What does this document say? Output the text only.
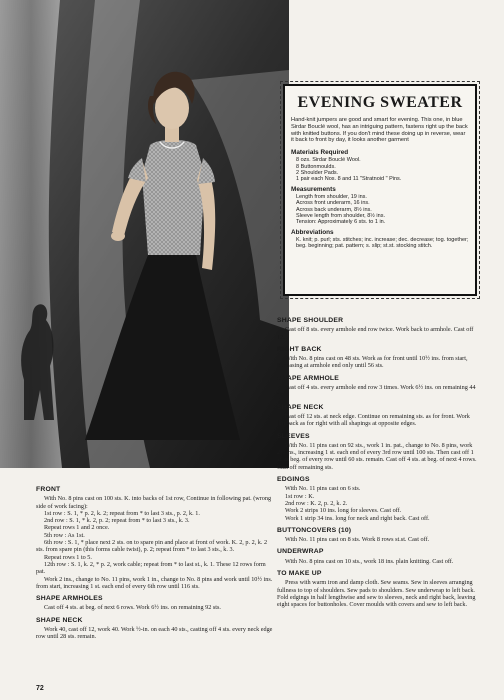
EVENING SWEATER
Hand-knit jumpers are good and smart for evening. This one, in blue Sirdar Bouclé wool, has an intriguing pattern, fastens right up the back with knitted buttons. If you don't mind these doing up in reverse, wear it back to front by day, it looks another garment
Materials Required
8 ozs. Sirdar Bouclé Wool.
8 Buttonmoulds.
2 Shoulder Pads.
1 pair each Nos. 8 and 11 "Stratnoid " Pins.
Measurements
Length from shoulder, 19 ins.
Across front underarm, 16 ins.
Across back underarm, 8½ ins.
Sleeve length from shoulder, 8½ ins.
Tension: Approximately 6 sts. to 1 in.
Abbreviations
K. knit; p. purl; sts. stitches; inc. increase; dec. decrease; tog. together; beg. beginning; pat. pattern; s. slip; st.st. stocking stitch.
FRONT

With No. 8 pins cast on 100 sts. K. into backs of 1st row, Continue in following pat. (wrong side of work facing):

1st row : S. 1, * p. 2, k. 2; repeat from * to last 3 sts., p. 2, k. 1.

2nd row : S. 1, * k. 2, p. 2; repeat from * to last 3 sts., k. 3.

Repeat rows 1 and 2 once.

5th row : As 1st.

6th row : S. 1, * place next 2 sts. on to spare pin and place at front of work. K. 2, p. 2, k. 2 sts. from spare pin (this forms cable twist), p. 2; repeat from * to last 3 sts., k. 3.

Repeat rows 1 to 5.

12th row : S. 1, k. 2, * p. 2, work cable; repeat from * to last st., k. 1. These 12 rows form pat.

Work 2 ins., change to No. 11 pins, work 1 in., change to No. 8 pins and work until 10½ ins. from start, increasing 1 st. each end of every 6th row until 116 sts.

SHAPE ARMHOLES

Cast off 4 sts. at beg. of next 6 rows. Work 6½ ins. on remaining 92 sts.

SHAPE NECK

Work 40, cast off 12, work 40. Work ½-in. on each 40 sts., casting off 4 sts. every neck edge row until 28 sts. remain.

SHAPE SHOULDER

Cast off 8 sts. every armhole end row twice. Work back to armhole. Cast off 12.

RIGHT BACK

With No. 8 pins cast on 48 sts. Work as for front until 10½ ins. from start, increasing at armhole end only until 56 sts.

SHAPE ARMHOLE

Cast off 4 sts. every armhole end row 3 times. Work 6½ ins. on remaining 44 sts.

SHAPE NECK

Cast off 12 sts. at neck edge. Continue on remaining sts. as for front. Work left back as for right with all shapings at opposite edges.

SLEEVES

With No. 11 pins cast on 92 sts., work 1 in. pat., change to No. 8 pins, work 2½ ins., increasing 1 st. each end of every 3rd row until 100 sts. Then cast off 1 st. at beg. of every row until 60 sts. remain. Cast off 4 sts. at beg. of next 4 rows. Cast off remaining sts.

EDGINGS

With No. 11 pins cast on 6 sts.

1st row : K.

2nd row : K. 2, p. 2, k. 2.

Work 2 strips 10 ins. long for sleeves. Cast off.

Work 1 strip 34 ins. long for neck and right back. Cast off.

BUTTONCOVERS (10)

With No. 11 pins cast on 8 sts. Work 8 rows st.st. Cast off.

UNDERWRAP

With No. 8 pins cast on 10 sts., work 18 ins. plain knitting. Cast off.

TO MAKE UP

Press with warm iron and damp cloth. Sew seams. Sew in sleeves arranging fullness to top of shoulders. Sew pads to shoulders. Sew underwrap to left back. Fold edgings in half lengthwise and sew to sleeves, neck and right back, leaving eight spaces for buttonholes. Cover moulds with covers and sew to left back.

72
